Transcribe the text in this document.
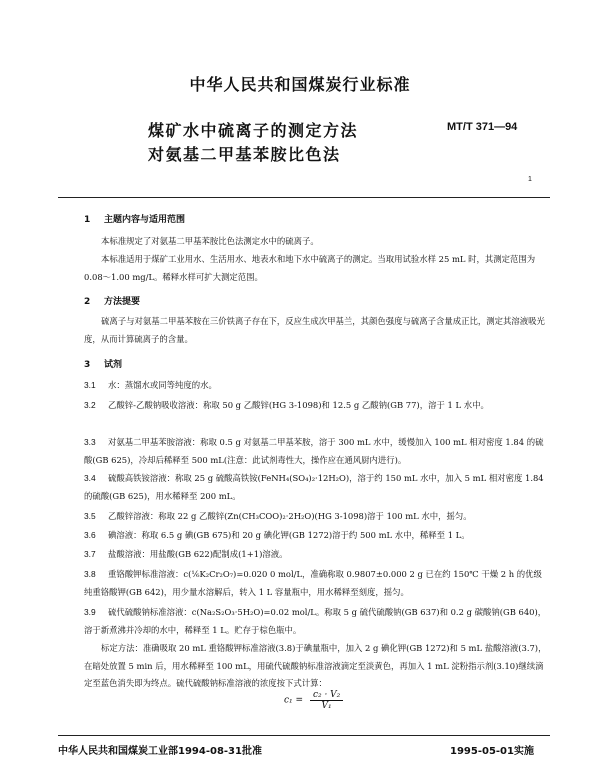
中华人民共和国煤炭行业标准
煤矿水中硫离子的测定方法
对氨基二甲基苯胺比色法
MT/T 371—94
1
1 主题内容与适用范围
本标准规定了对氨基二甲基苯胺比色法测定水中的硫离子。
本标准适用于煤矿工业用水、生活用水、地表水和地下水中硫离子的测定。当取用试验水样 25 mL 时，其测定范围为 0.08～1.00 mg/L。稀释水样可扩大测定范围。
2 方法提要
硫离子与对氨基二甲基苯胺在三价铁离子存在下，反应生成次甲基兰，其颜色强度与硫离子含量成正比，测定其溶液吸光度，从而计算硫离子的含量。
3 试剂
3.1 水：蒸馏水或同等纯度的水。
3.2 乙酸锌-乙酸钠吸收溶液：称取 50 g 乙酸锌(HG 3-1098)和 12.5 g 乙酸钠(GB 77)，溶于 1 L 水中。
3.3 对氨基二甲基苯胺溶液：称取 0.5 g 对氨基二甲基苯胺，溶于 300 mL 水中，缓慢加入 100 mL 相对密度 1.84 的硫酸(GB 625)，冷却后稀释至 500 mL(注意：此试剂毒性大，操作应在通风厨内进行)。
3.4 硫酸高铁铵溶液：称取 25 g 硫酸高铁铵(FeNH₄(SO₄)₂·12H₂O)，溶于约 150 mL 水中，加入 5 mL 相对密度 1.84 的硫酸(GB 625)，用水稀释至 200 mL。
3.5 乙酸锌溶液：称取 22 g 乙酸锌(Zn(CH₃COO)₂·2H₂O)(HG 3-1098)溶于 100 mL 水中，摇匀。
3.6 碘溶液：称取 6.5 g 碘(GB 675)和 20 g 碘化钾(GB 1272)溶于约 500 mL 水中，稀释至 1 L。
3.7 盐酸溶液：用盐酸(GB 622)配制成(1+1)溶液。
3.8 重铬酸钾标准溶液：c(⅙K₂Cr₂O₇)=0.020 0 mol/L，准确称取 0.9807±0.000 2 g 已在约 150℃ 干燥 2 h 的优级纯重铬酸钾(GB 642)，用少量水溶解后，转入 1 L 容量瓶中，用水稀释至刻度，摇匀。
3.9 硫代硫酸钠标准溶液：c(Na₂S₂O₃·5H₂O)=0.02 mol/L。称取 5 g 硫代硫酸钠(GB 637)和 0.2 g 碳酸钠(GB 640)，溶于新煮沸并冷却的水中，稀释至 1 L。贮存于棕色瓶中。
标定方法：准确吸取 20 mL 重铬酸钾标准溶液(3.8)于碘量瓶中，加入 2 g 碘化钾(GB 1272)和 5 mL 盐酸溶液(3.7)，在暗处放置 5 min 后，用水稀释至 100 mL，用硫代硫酸钠标准溶液滴定至淡黄色，再加入 1 mL 淀粉指示剂(3.10)继续滴定至蓝色消失即为终点。硫代硫酸钠标准溶液的浓度按下式计算：
$c_1 = \frac{\text{c₂ · V₂}}{\text{V₁}}$
中华人民共和国煤炭工业部1994-08-31批准	1995-05-01实施
